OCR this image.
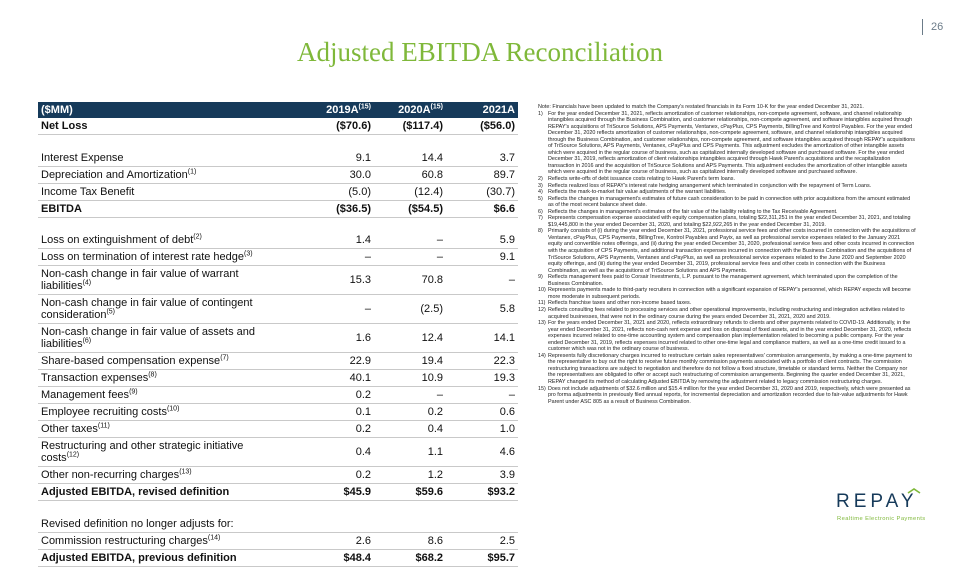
26
Adjusted EBITDA Reconciliation
($MM)	$2019A^{(15)}$	$2020A^{(15)}$	2021A
Net Loss	($70.6)	($117.4)	($56.0)

Interest Expense	9.1	14.4	3.7
Depreciation and Amortization$^{(1)}$	30.0	60.8	89.7
Income Tax Benefit	(5.0)	(12.4)	(30.7)
EBITDA	($36.5)	($54.5)	$6.6

Loss on extinguishment of debt$^{(2)}$	1.4	–	5.9
Loss on termination of interest rate hedge$^{(3)}$	–	–	9.1
Non-cash change in fair value of warrant liabilities$^{(4)}$	15.3	70.8	–
Non-cash change in fair value of contingent consideration$^{(5)}$	–	(2.5)	5.8
Non-cash change in fair value of assets and liabilities$^{(6)}$	1.6	12.4	14.1
Share-based compensation expense$^{(7)}$	22.9	19.4	22.3
Transaction expenses$^{(8)}$	40.1	10.9	19.3
Management fees$^{(9)}$	0.2	–	–
Employee recruiting costs$^{(10)}$	0.1	0.2	0.6
Other taxes$^{(11)}$	0.2	0.4	1.0
Restructuring and other strategic initiative costs$^{(12)}$	0.4	1.1	4.6
Other non-recurring charges$^{(13)}$	0.2	1.2	3.9
Adjusted EBITDA, revised definition	$45.9	$59.6	$93.2

Revised definition no longer adjusts for:			
Commission restructuring charges$^{(14)}$	2.6	8.6	2.5
Adjusted EBITDA, previous definition	$48.4	$68.2	$95.7

Note: Financials have been updated to match the Company's restated financials in its Form 10-K for the year ended December 31, 2021.

1) For the year ended December 31, 2021, reflects amortization of customer relationships, non-compete agreement, software, and channel relationship intangibles acquired through the Business Combination, and customer relationships, non-compete agreement, and software intangibles acquired through REPAY's acquisitions of TriSource Solutions, APS Payments, Ventanex, cPayPlus, CPS Payments, BillingTree and Kontrol Payables. For the year ended December 31, 2020 reflects amortization of customer relationships, non-compete agreement, software, and channel relationship intangibles acquired through the Business Combination, and customer relationships, non-compete agreement, and software intangibles acquired through REPAY's acquisitions of TriSource Solutions, APS Payments, Ventanex, cPayPlus and CPS Payments. This adjustment excludes the amortization of other intangible assets which were acquired in the regular course of business, such as capitalized internally developed software and purchased software. For the year ended December 31, 2019, reflects amortization of client relationships intangibles acquired through Hawk Parent's acquisitions and the recapitalization transaction in 2016 and the acquisition of TriSource Solutions and APS Payments. This adjustment excludes the amortization of other intangible assets which were acquired in the regular course of business, such as capitalized internally developed software and purchased software.
2) Reflects write-offs of debt issuance costs relating to Hawk Parent's term loans.
3) Reflects realized loss of REPAY's interest rate hedging arrangement which terminated in conjunction with the repayment of Term Loans.
4) Reflects the mark-to-market fair value adjustments of the warrant liabilities.
5) Reflects the changes in management's estimates of future cash consideration to be paid in connection with prior acquisitions from the amount estimated as of the most recent balance sheet date.
6) Reflects the changes in management's estimates of the fair value of the liability relating to the Tax Receivable Agreement.
7) Represents compensation expense associated with equity compensation plans, totaling $22,311,251 in the year ended December 31, 2021, and totaling $19,445,800 in the year ended December 31, 2020, and totaling $22,922,265 in the year ended December 31, 2019.
8) Primarily consists of (i) during the year ended December 31, 2021, professional service fees and other costs incurred in connection with the acquisitions of Ventanex, cPayPlus, CPS Payments, BillingTree, Kontrol Payables and Payix, as well as professional service expenses related to the January 2021 equity and convertible notes offerings, and (ii) during the year ended December 31, 2020, professional service fees and other costs incurred in connection with the acquisition of CPS Payments, and additional transaction expenses incurred in connection with the Business Combination and the acquisitions of TriSource Solutions, APS Payments, Ventanex and cPayPlus, as well as professional service expenses related to the June 2020 and September 2020 equity offerings, and (iii) during the year ended December 31, 2019, professional service fees and other costs in connection with the Business Combination, as well as the acquisitions of TriSource Solutions and APS Payments.
9) Reflects management fees paid to Corsair Investments, L.P. pursuant to the management agreement, which terminated upon the completion of the Business Combination.
10) Represents payments made to third-party recruiters in connection with a significant expansion of REPAY's personnel, which REPAY expects will become more moderate in subsequent periods.
11) Reflects franchise taxes and other non-income based taxes.
12) Reflects consulting fees related to processing services and other operational improvements, including restructuring and integration activities related to acquired businesses, that were not in the ordinary course during the years ended December 31, 2021, 2020 and 2019.
13) For the years ended December 31, 2021 and 2020, reflects extraordinary refunds to clients and other payments related to COVID-19. Additionally, in the year ended December 31, 2021, reflects non-cash rent expense and loss on disposal of fixed assets, and in the year ended December 31, 2020, reflects expenses incurred related to one-time accounting system and compensation plan implementation related to becoming a public company. For the year ended December 31, 2019, reflects expenses incurred related to other one-time legal and compliance matters, as well as a one-time credit issued to a customer which was not in the ordinary course of business.
14) Represents fully discretionary charges incurred to restructure certain sales representatives' commission arrangements, by making a one-time payment to the representative to buy out the right to receive future monthly commission payments associated with a portfolio of client contracts. The commission restructuring transactions are subject to negotiation and therefore do not follow a fixed structure, timetable or standard terms. Neither the Company nor the representatives are obligated to offer or accept such restructuring of commission arrangements. Beginning the quarter ended December 31, 2021, REPAY changed its method of calculating Adjusted EBITDA by removing the adjustment related to legacy commission restructuring charges.
15) Does not include adjustments of $32.6 million and $15.4 million for the year ended December 31, 2020 and 2019, respectively, which were presented as pro forma adjustments in previously filed annual reports, for incremental depreciation and amortization recorded due to fair-value adjustments for Hawk Parent under ASC 805 as a result of Business Combination.
REPAY
Realtime Electronic Payments
